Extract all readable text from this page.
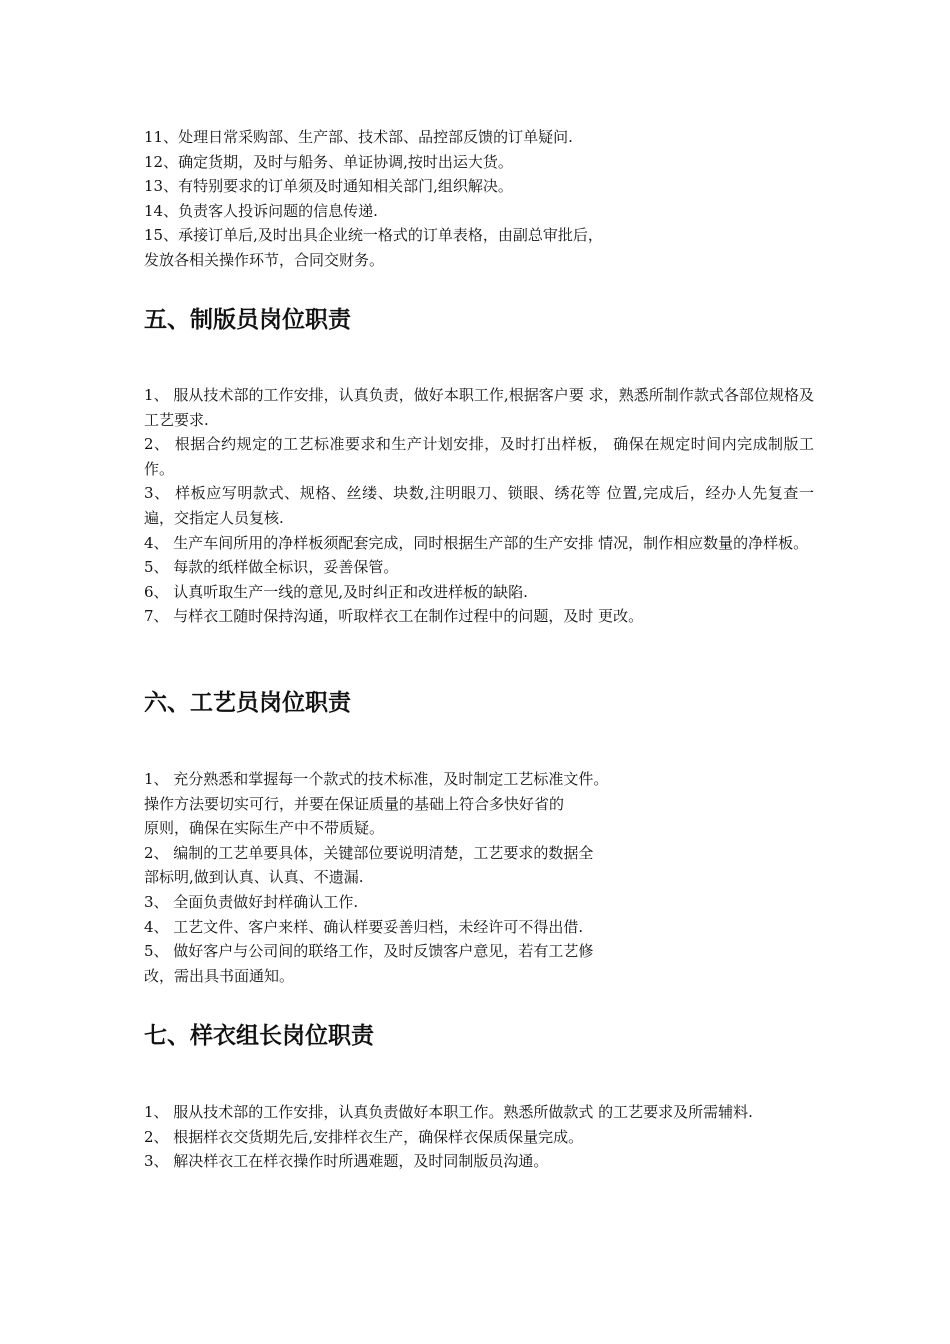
11、处理日常采购部、生产部、技术部、品控部反馈的订单疑问.

12、确定货期，及时与船务、单证协调,按时出运大货。

13、有特别要求的订单须及时通知相关部门,组织解决。

14、负责客人投诉问题的信息传递.

15、承接订单后,及时出具企业统一格式的订单表格，由副总审批后，

发放各相关操作环节，合同交财务。

五、制版员岗位职责

1、 服从技术部的工作安排，认真负责，做好本职工作,根据客户要 求，熟悉所制作款式各部位规格及工艺要求.

2、 根据合约规定的工艺标准要求和生产计划安排，及时打出样板， 确保在规定时间内完成制版工作。

3、 样板应写明款式、规格、丝缕、块数,注明眼刀、锁眼、绣花等 位置,完成后，经办人先复查一遍，交指定人员复核.

4、 生产车间所用的净样板须配套完成，同时根据生产部的生产安排 情况，制作相应数量的净样板。

5、 每款的纸样做全标识，妥善保管。

6、 认真听取生产一线的意见,及时纠正和改进样板的缺陷.

7、 与样衣工随时保持沟通，听取样衣工在制作过程中的问题，及时 更改。

六、工艺员岗位职责

1、 充分熟悉和掌握每一个款式的技术标准，及时制定工艺标准文件。

操作方法要切实可行，并要在保证质量的基础上符合多快好省的

原则，确保在实际生产中不带质疑。

2、 编制的工艺单要具体，关键部位要说明清楚，工艺要求的数据全

部标明,做到认真、认真、不遗漏.

3、 全面负责做好封样确认工作.

4、 工艺文件、客户来样、确认样要妥善归档，未经许可不得出借.

5、 做好客户与公司间的联络工作，及时反馈客户意见，若有工艺修

改，需出具书面通知。

七、样衣组长岗位职责

1、 服从技术部的工作安排，认真负责做好本职工作。熟悉所做款式 的工艺要求及所需辅料.

2、 根据样衣交货期先后,安排样衣生产，确保样衣保质保量完成。

3、 解决样衣工在样衣操作时所遇难题，及时同制版员沟通。
